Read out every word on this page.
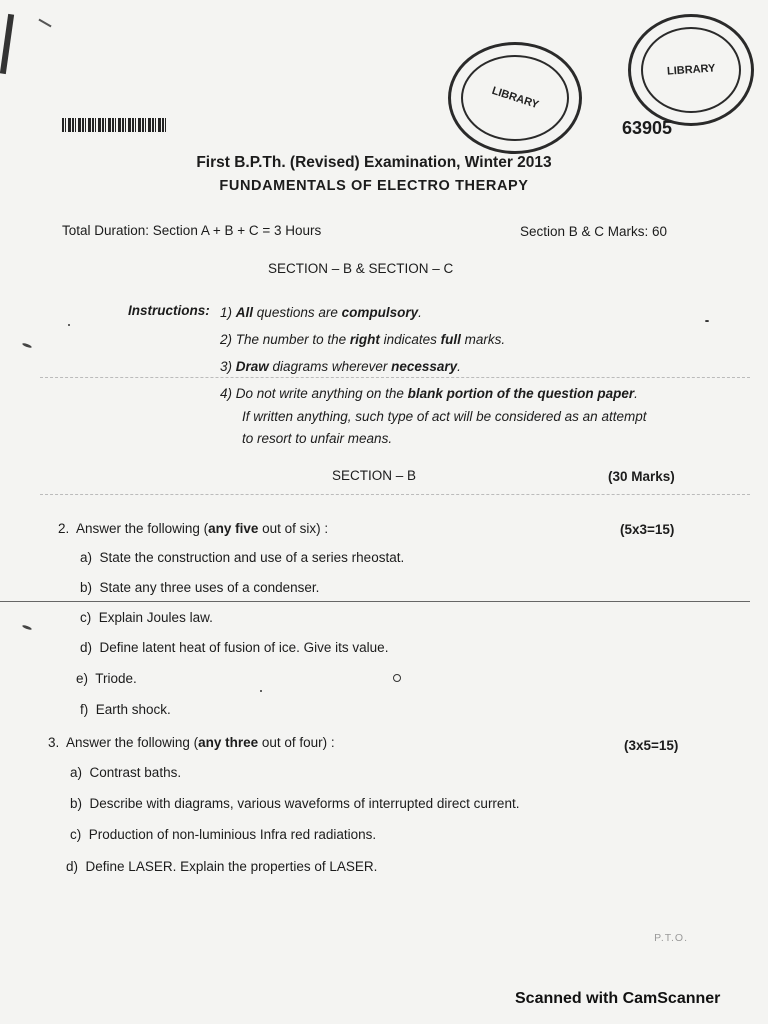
LIBRARY
LIBRARY
63905
First B.P.Th. (Revised) Examination, Winter 2013
FUNDAMENTALS OF ELECTRO THERAPY
Total Duration: Section A + B + C = 3 Hours	Section B & C Marks: 60
SECTION – B & SECTION – C
Instructions: 1) All questions are compulsory.
2) The number to the right indicates full marks.
3) Draw diagrams wherever necessary.
4) Do not write anything on the blank portion of the question paper.
If written anything, such type of act will be considered as an attempt
to resort to unfair means.
SECTION – B	(30 Marks)
2. Answer the following (any five out of six) :	(5x3=15)
a) State the construction and use of a series rheostat.
b) State any three uses of a condenser.
c) Explain Joules law.
d) Define latent heat of fusion of ice. Give its value.
e) Triode.
f) Earth shock.
3. Answer the following (any three out of four) :	(3x5=15)
a) Contrast baths.
b) Describe with diagrams, various waveforms of interrupted direct current.
c) Production of non-luminious Infra red radiations.
d) Define LASER. Explain the properties of LASER.
P.T.O.
Scanned with CamScanner
